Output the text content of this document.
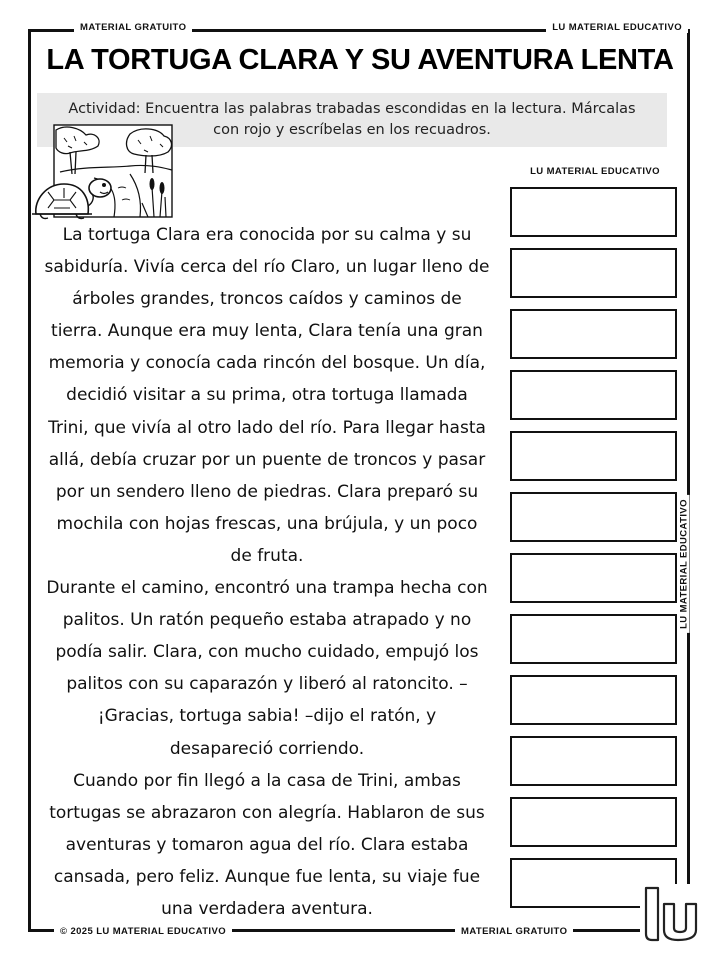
MATERIAL GRATUITO	LU MATERIAL EDUCATIVO
LA TORTUGA CLARA Y SU AVENTURA LENTA
Actividad: Encuentra las palabras trabadas escondidas en la lectura. Márcalas
con rojo y escríbelas en los recuadros.

La tortuga Clara era conocida por su calma y su sabiduría. Vivía cerca del río Claro, un lugar lleno de árboles grandes, troncos caídos y caminos de tierra. Aunque era muy lenta, Clara tenía una gran memoria y conocía cada rincón del bosque. Un día, decidió visitar a su prima, otra tortuga llamada Trini, que vivía al otro lado del río. Para llegar hasta allá, debía cruzar por un puente de troncos y pasar por un sendero lleno de piedras. Clara preparó su mochila con hojas frescas, una brújula, y un poco de fruta.

Durante el camino, encontró una trampa hecha con palitos. Un ratón pequeño estaba atrapado y no podía salir. Clara, con mucho cuidado, empujó los palitos con su caparazón y liberó al ratoncito. –¡Gracias, tortuga sabia! –dijo el ratón, y desapareció corriendo.

Cuando por fin llegó a la casa de Trini, ambas tortugas se abrazaron con alegría. Hablaron de sus aventuras y tomaron agua del río. Clara estaba cansada, pero feliz. Aunque fue lenta, su viaje fue una verdadera aventura.

LU MATERIAL EDUCATIVO
LU MATERIAL EDUCATIVO
© 2025 LU MATERIAL EDUCATIVO	MATERIAL GRATUITO
